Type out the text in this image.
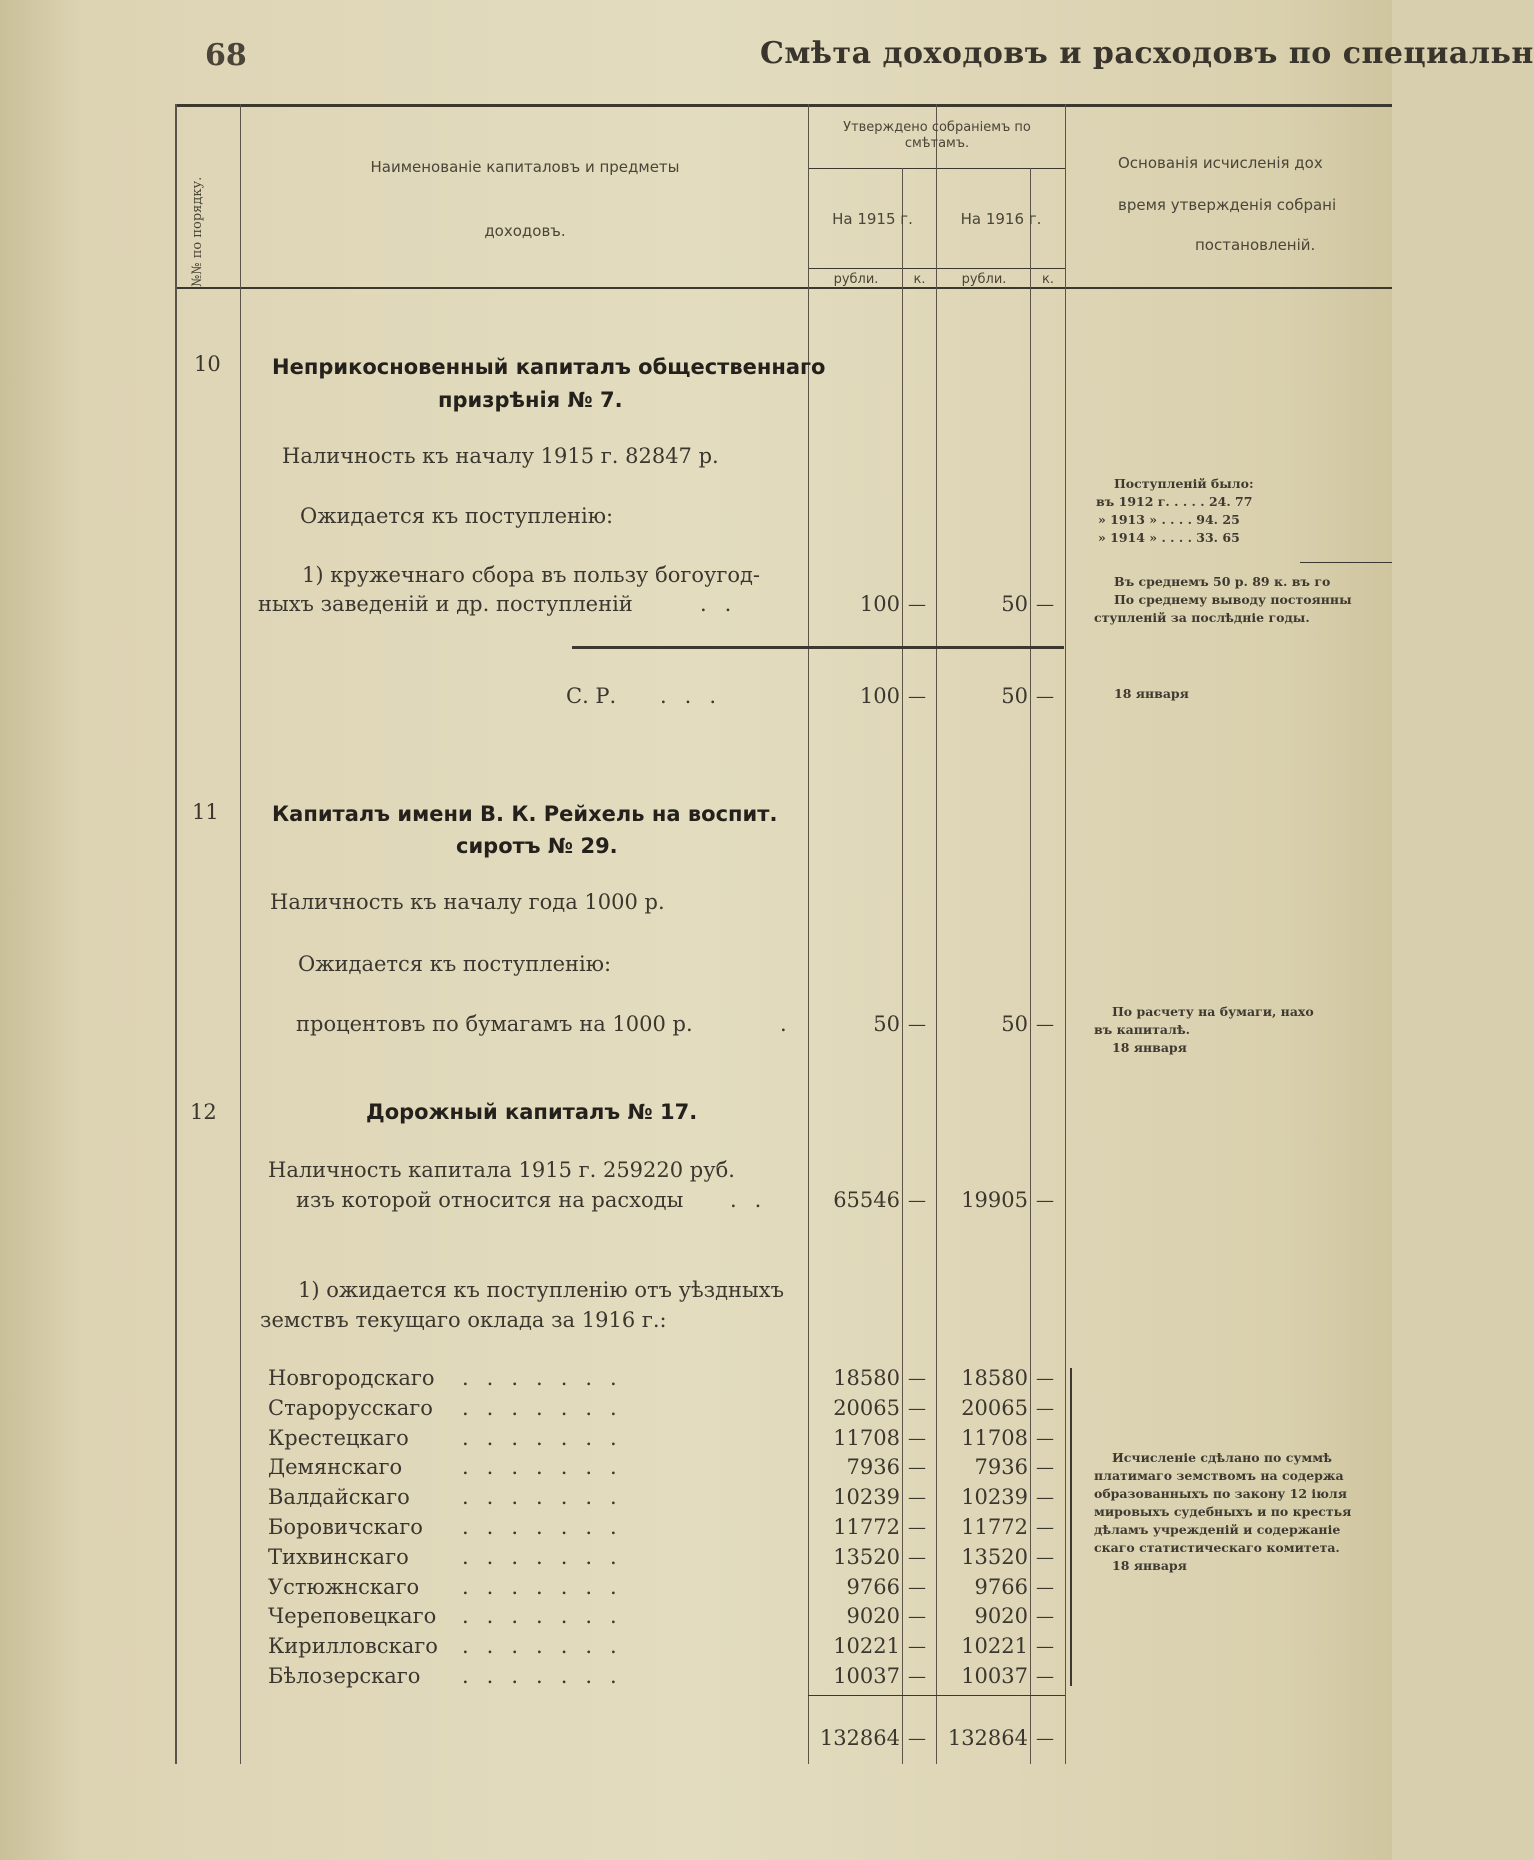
68	Смѣта доходовъ и расходовъ по специальн
№№ по порядку.
Наименованіе капиталовъ и предметы
доходовъ.
Утверждено собраніемъ по смѣтамъ.
На 1915 г.	На 1916 г.
рубли.	к.	рубли.	к.
Основанія исчисленія дох
время утвержденія собрані
постановленій.
10 Неприкосновенный капиталъ общественнаго
призрѣнія № 7.
Наличность къ началу 1915 г. 82847 р.
Ожидается къ поступленію:
1) кружечнаго сбора въ пользу богоугод-
ныхъ заведеній и др. поступленій	..	100 —	50 —
С. Р. ...	100 —	50 —
Поступленій было:
въ 1912 г. . . . . 24. 77
» 1913 » . . . . 94. 25
» 1914 » . . . . 33. 65
Въ среднемъ 50 р. 89 к. въ го
По среднему выводу постоянны
ступленій за послѣдніе годы.
18 января
11	Капиталъ имени В. К. Рейхель на воспит.
сиротъ № 29.
Наличность къ началу года 1000 р.
Ожидается къ поступленію:
процентовъ по бумагамъ на 1000 р.	.	50 —	50 —
По расчету на бумаги, нахо
въ капиталѣ.
18 января
12	Дорожный капиталъ № 17.
Наличность капитала 1915 г. 259220 руб.
изъ которой относится на расходы ..	65546 —	19905 —
1) ожидается къ поступленію отъ уѣздныхъ
земствъ текущаго оклада за 1916 г.:
Новгородскаго .......	18580 —	18580 —
Старорусскаго .......	20065 —	20065 —
Крестецкаго	.......	11708 —	11708 —
Демянскаго	.......	7936 —	7936 —
Валдайскаго .......	10239 —	10239 —
Боровичскаго .......	11772 —	11772 —
Тихвинскаго	.......	13520 —	13520 —
Устюжнскаго .......	9766 —	9766 —
Череповецкаго .......	9020 —	9020 —
Кирилловскаго .......	10221 —	10221 —
Бѣлозерскаго .......	10037 —	10037 —
132864 —	132864 —
Исчисленіе сдѣлано по суммѣ
платимаго земствомъ на содержа
образованныхъ по закону 12 іюля
мировыхъ судебныхъ и по крестья
дѣламъ учрежденій и содержаніе
скаго статистическаго комитета.
18 января
